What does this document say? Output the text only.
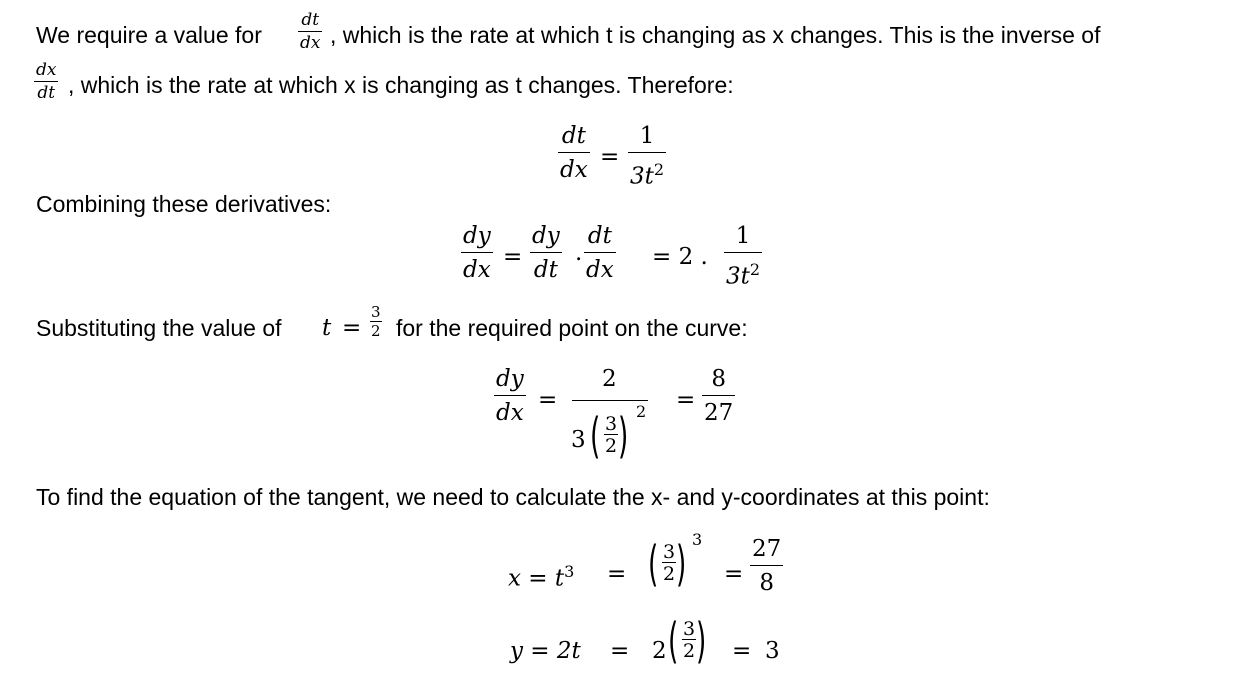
We require a value for
dt
dx , which is the rate at which t is changing as x changes. This is the inverse of
dx
dt , which is the rate at which x is changing as t changes. Therefore:
dt
dx =
1
$3t^2$
Combining these derivatives:
dy
dx =
dy
dt
.
dt
dx = 2 .
1
$3t^2$
Substituting the value of t =
3
2 for the required point on the curve:
dy
dx =
2
3 ( 3
2 ) 2 =
8
27
To find the equation of the tangent, we need to calculate the x- and y-coordinates at this point:
$x = t^3$ = ( 3
2 ) 3
=
27
8
y = 2t = 2 ( 3
2 ) = 3
